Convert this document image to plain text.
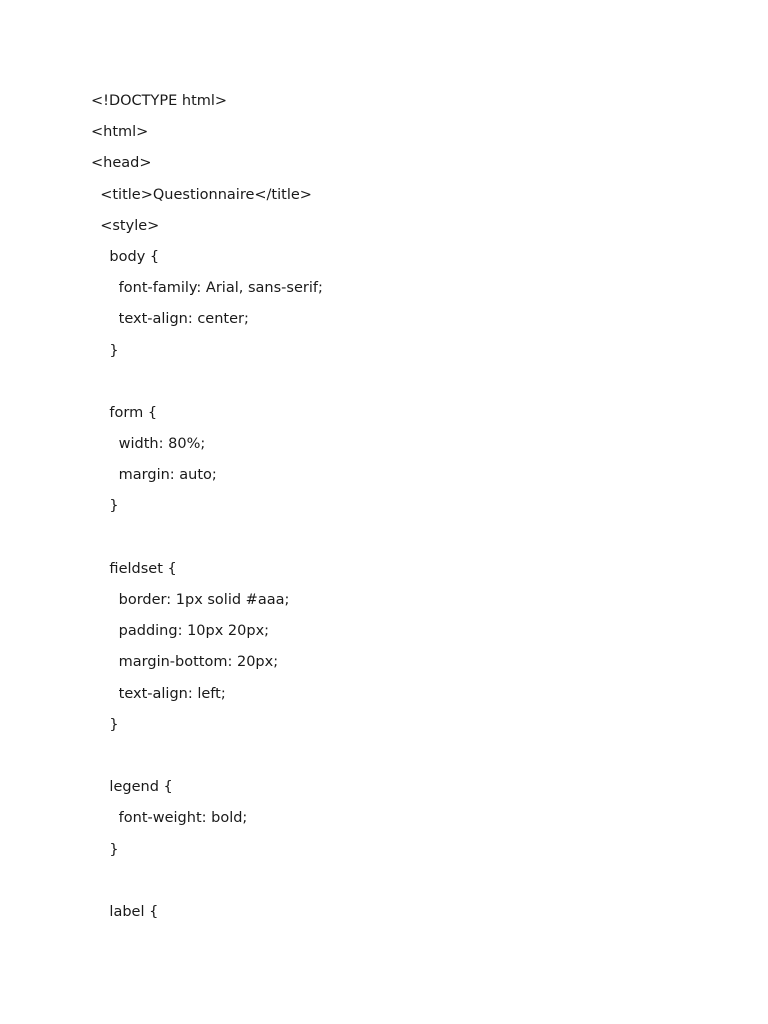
<!DOCTYPE html>
<html>
<head>
<title>Questionnaire</title>
<style>
body {
font-family: Arial, sans-serif;
text-align: center;
}
form {
width: 80%;
margin: auto;
}
fieldset {
border: 1px solid #aaa;
padding: 10px 20px;
margin-bottom: 20px;
text-align: left;
}
legend {
font-weight: bold;
}
label {
